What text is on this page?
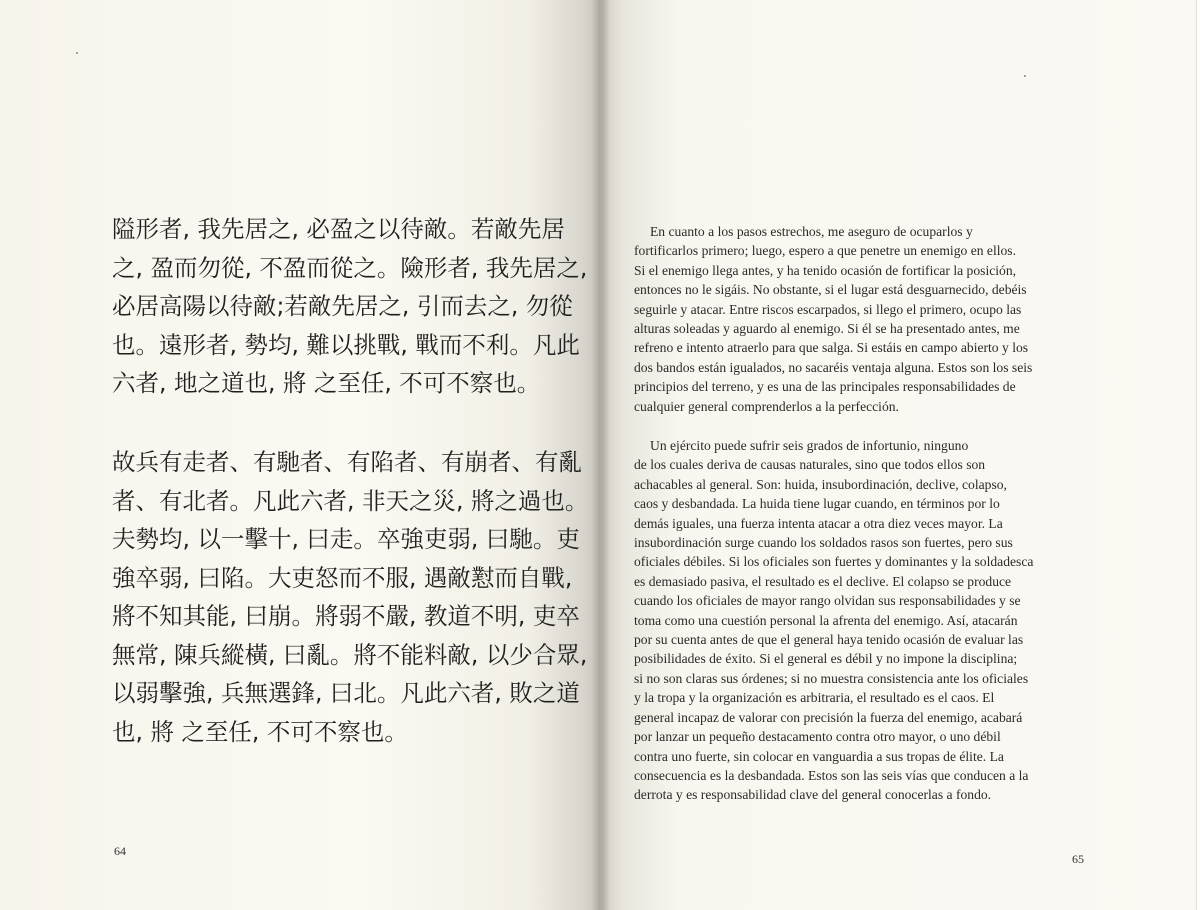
隘形者, 我先居之, 必盈之以待敵。若敵先居
之, 盈而勿從, 不盈而從之。險形者, 我先居之,
必居高陽以待敵;若敵先居之, 引而去之, 勿從
也。遠形者, 勢均, 難以挑戰, 戰而不利。凡此
六者, 地之道也, 將 之至任, 不可不察也。
故兵有走者、有馳者、有陷者、有崩者、有亂
者、有北者。凡此六者, 非天之災, 將之過也。
夫勢均, 以一擊十, 曰走。卒強吏弱, 曰馳。吏
強卒弱, 曰陷。大吏怒而不服, 遇敵懟而自戰,
將不知其能, 曰崩。將弱不嚴, 教道不明, 吏卒
無常, 陳兵縱橫, 曰亂。將不能料敵, 以少合眾,
以弱擊強, 兵無選鋒, 曰北。凡此六者, 敗之道
也, 將 之至任, 不可不察也。
64
En cuanto a los pasos estrechos, me aseguro de ocuparlos y
fortificarlos primero; luego, espero a que penetre un enemigo en ellos.
Si el enemigo llega antes, y ha tenido ocasión de fortificar la posición,
entonces no le sigáis. No obstante, si el lugar está desguarnecido, debéis
seguirle y atacar. Entre riscos escarpados, si llego el primero, ocupo las
alturas soleadas y aguardo al enemigo. Si él se ha presentado antes, me
refreno e intento atraerlo para que salga. Si estáis en campo abierto y los
dos bandos están igualados, no sacaréis ventaja alguna. Estos son los seis
principios del terreno, y es una de las principales responsabilidades de
cualquier general comprenderlos a la perfección.
Un ejército puede sufrir seis grados de infortunio, ninguno
de los cuales deriva de causas naturales, sino que todos ellos son
achacables al general. Son: huida, insubordinación, declive, colapso,
caos y desbandada. La huida tiene lugar cuando, en términos por lo
demás iguales, una fuerza intenta atacar a otra diez veces mayor. La
insubordinación surge cuando los soldados rasos son fuertes, pero sus
oficiales débiles. Si los oficiales son fuertes y dominantes y la soldadesca
es demasiado pasiva, el resultado es el declive. El colapso se produce
cuando los oficiales de mayor rango olvidan sus responsabilidades y se
toma como una cuestión personal la afrenta del enemigo. Así, atacarán
por su cuenta antes de que el general haya tenido ocasión de evaluar las
posibilidades de éxito. Si el general es débil y no impone la disciplina;
si no son claras sus órdenes; si no muestra consistencia ante los oficiales
y la tropa y la organización es arbitraria, el resultado es el caos. El
general incapaz de valorar con precisión la fuerza del enemigo, acabará
por lanzar un pequeño destacamento contra otro mayor, o uno débil
contra uno fuerte, sin colocar en vanguardia a sus tropas de élite. La
consecuencia es la desbandada. Estos son las seis vías que conducen a la
derrota y es responsabilidad clave del general conocerlas a fondo.
65
